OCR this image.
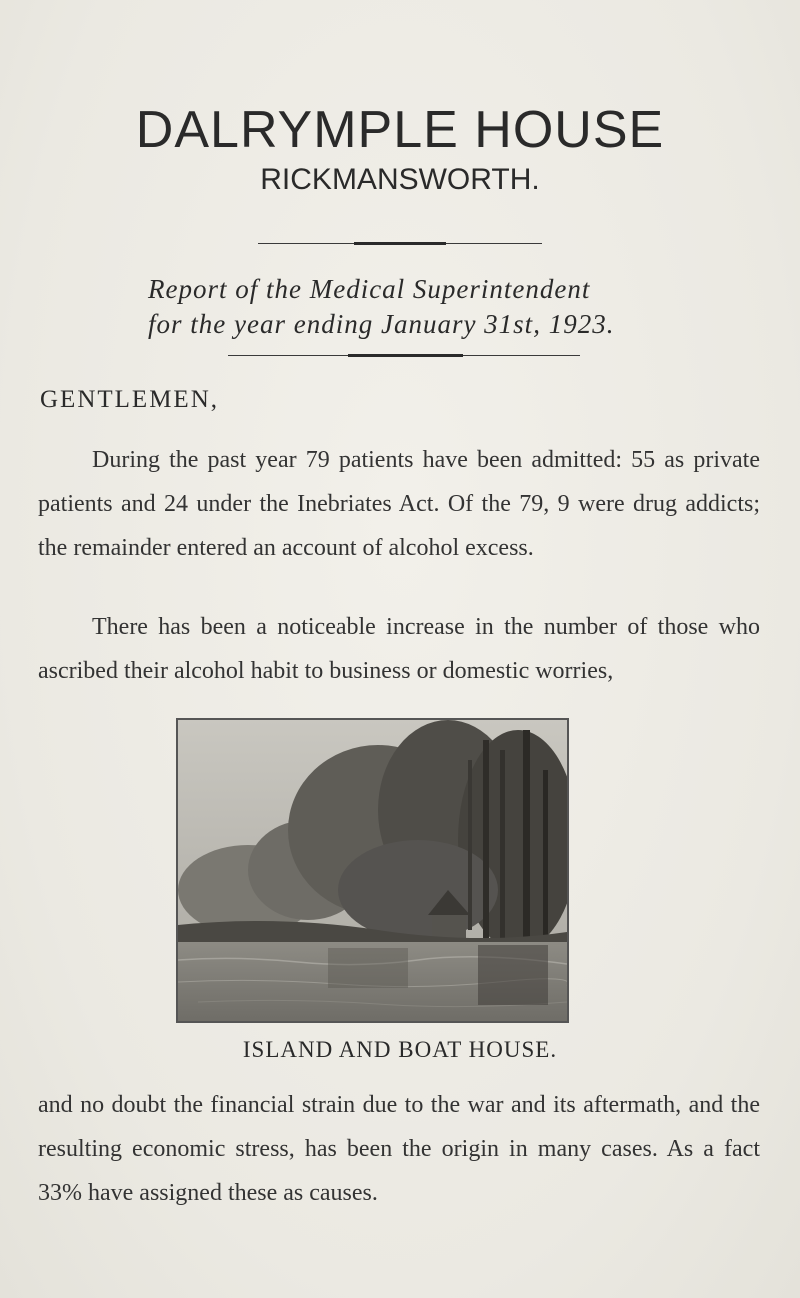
DALRYMPLE HOUSE
RICKMANSWORTH.
Report of the Medical Superintendent
for the year ending January 31st, 1923.
GENTLEMEN,

During the past year 79 patients have been admitted: 55 as private patients and 24 under the Inebriates Act. Of the 79, 9 were drug addicts; the remainder entered an account of alcohol excess.

There has been a noticeable increase in the number of those who ascribed their alcohol habit to business or domestic worries,

ISLAND AND BOAT HOUSE.

and no doubt the financial strain due to the war and its aftermath, and the resulting economic stress, has been the origin in many cases. As a fact 33% have assigned these as causes.
